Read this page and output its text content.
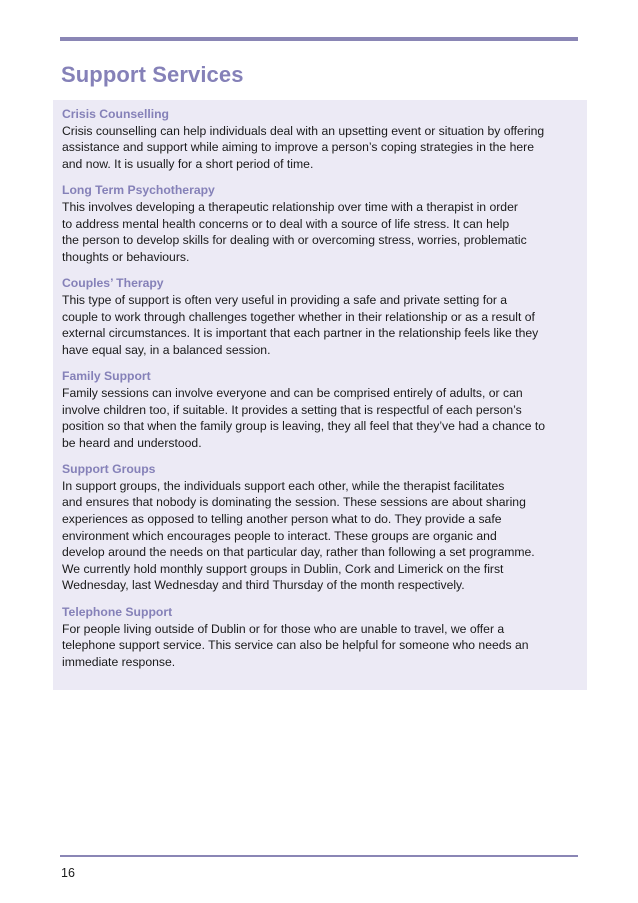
Support Services
Crisis Counselling

Crisis counselling can help individuals deal with an upsetting event or situation by offering
assistance and support while aiming to improve a person’s coping strategies in the here
and now. It is usually for a short period of time.

Long Term Psychotherapy

This involves developing a therapeutic relationship over time with a therapist in order
to address mental health concerns or to deal with a source of life stress. It can help
the person to develop skills for dealing with or overcoming stress, worries, problematic
thoughts or behaviours.

Couples’ Therapy

This type of support is often very useful in providing a safe and private setting for a
couple to work through challenges together whether in their relationship or as a result of
external circumstances. It is important that each partner in the relationship feels like they
have equal say, in a balanced session.

Family Support

Family sessions can involve everyone and can be comprised entirely of adults, or can
involve children too, if suitable. It provides a setting that is respectful of each person’s
position so that when the family group is leaving, they all feel that they’ve had a chance to
be heard and understood.

Support Groups

In support groups, the individuals support each other, while the therapist facilitates
and ensures that nobody is dominating the session. These sessions are about sharing
experiences as opposed to telling another person what to do. They provide a safe
environment which encourages people to interact. These groups are organic and
develop around the needs on that particular day, rather than following a set programme.
We currently hold monthly support groups in Dublin, Cork and Limerick on the first
Wednesday, last Wednesday and third Thursday of the month respectively.

Telephone Support

For people living outside of Dublin or for those who are unable to travel, we offer a
telephone support service. This service can also be helpful for someone who needs an
immediate response.

16
